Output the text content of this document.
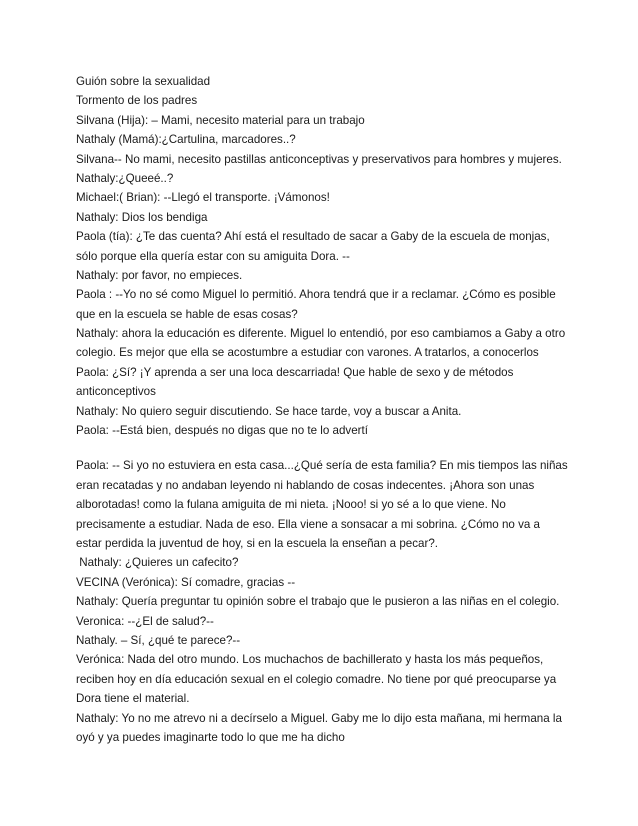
Guión sobre la sexualidad
Tormento de los padres
Silvana (Hija): – Mami, necesito material para un trabajo
Nathaly (Mamá):¿Cartulina, marcadores..?
Silvana-- No mami, necesito pastillas anticonceptivas y preservativos para hombres y mujeres.
Nathaly:¿Queeé..?
Michael:( Brian): --Llegó el transporte. ¡Vámonos!
Nathaly: Dios los bendiga
Paola (tía): ¿Te das cuenta? Ahí está el resultado de sacar a Gaby de la escuela de monjas,
sólo porque ella quería estar con su amiguita Dora. --
Nathaly: por favor, no empieces.
Paola : --Yo no sé como Miguel lo permitió. Ahora tendrá que ir a reclamar. ¿Cómo es posible
que en la escuela se hable de esas cosas?
Nathaly: ahora la educación es diferente. Miguel lo entendió, por eso cambiamos a Gaby a otro
colegio. Es mejor que ella se acostumbre a estudiar con varones. A tratarlos, a conocerlos
Paola: ¿Sí? ¡Y aprenda a ser una loca descarriada! Que hable de sexo y de métodos
anticonceptivos
Nathaly: No quiero seguir discutiendo. Se hace tarde, voy a buscar a Anita.
Paola: --Está bien, después no digas que no te lo advertí
Paola: -- Si yo no estuviera en esta casa...¿Qué sería de esta familia? En mis tiempos las niñas
eran recatadas y no andaban leyendo ni hablando de cosas indecentes. ¡Ahora son unas
alborotadas! como la fulana amiguita de mi nieta. ¡Nooo! si yo sé a lo que viene. No
precisamente a estudiar. Nada de eso. Ella viene a sonsacar a mi sobrina. ¿Cómo no va a
estar perdida la juventud de hoy, si en la escuela la enseñan a pecar?.
Nathaly: ¿Quieres un cafecito?
VECINA (Verónica): Sí comadre, gracias --
Nathaly: Quería preguntar tu opinión sobre el trabajo que le pusieron a las niñas en el colegio.
Veronica: --¿El de salud?--
Nathaly. – Sí, ¿qué te parece?--
Verónica: Nada del otro mundo. Los muchachos de bachillerato y hasta los más pequeños,
reciben hoy en día educación sexual en el colegio comadre. No tiene por qué preocuparse ya
Dora tiene el material.
Nathaly: Yo no me atrevo ni a decírselo a Miguel. Gaby me lo dijo esta mañana, mi hermana la
oyó y ya puedes imaginarte todo lo que me ha dicho
